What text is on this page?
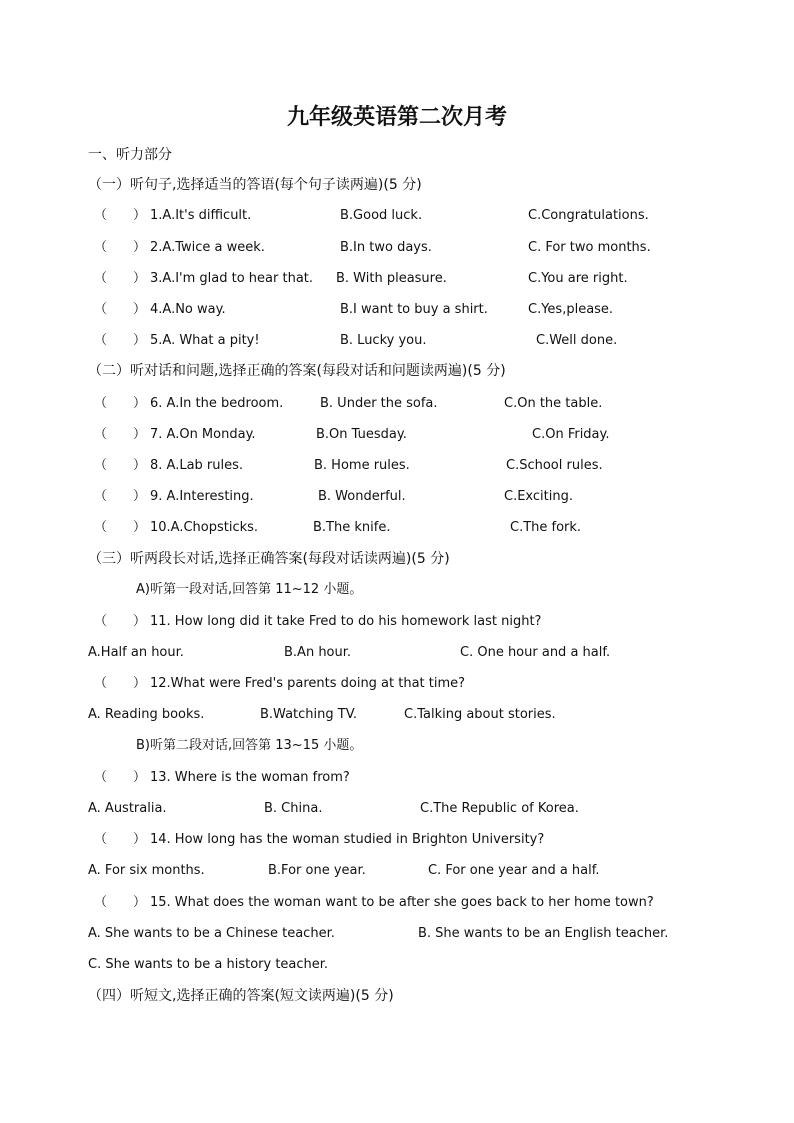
九年级英语第二次月考
一、听力部分
（一）听句子,选择适当的答语(每个句子读两遍)(5 分)
（　　） 1.A.It's difficult.	B.Good luck.	C.Congratulations.
（　　） 2.A.Twice a week.	B.In two days.	C. For two months.
（　　） 3.A.I'm glad to hear that. B. With pleasure.	C.You are right.
（　　） 4.A.No way.	B.I want to buy a shirt.	C.Yes,please.
（　　） 5.A. What a pity!	B. Lucky you.	C.Well done.
（二）听对话和问题,选择正确的答案(每段对话和问题读两遍)(5 分)
（　　） 6. A.In the bedroom.	B. Under the sofa.	C.On the table.
（　　） 7. A.On Monday.	B.On Tuesday.	C.On Friday.
（　　） 8. A.Lab rules.	B. Home rules.	C.School rules.
（　　） 9. A.Interesting.	B. Wonderful.	C.Exciting.
（　　） 10.A.Chopsticks.	B.The knife.	C.The fork.
（三）听两段长对话,选择正确答案(每段对话读两遍)(5 分)
A)听第一段对话,回答第 11~12 小题。
（　　） 11. How long did it take Fred to do his homework last night?
A.Half an hour.	B.An hour.	C. One hour and a half.
（　　） 12.What were Fred's parents doing at that time?
A. Reading books.	B.Watching TV.	C.Talking about stories.
B)听第二段对话,回答第 13~15 小题。
（　　） 13. Where is the woman from?
A. Australia.	B. China.	C.The Republic of Korea.
（　　） 14. How long has the woman studied in Brighton University?
A. For six months.	B.For one year.	C. For one year and a half.
（　　） 15. What does the woman want to be after she goes back to her home town?
A. She wants to be a Chinese teacher.	B. She wants to be an English teacher.
C. She wants to be a history teacher.
（四）听短文,选择正确的答案(短文读两遍)(5 分)
